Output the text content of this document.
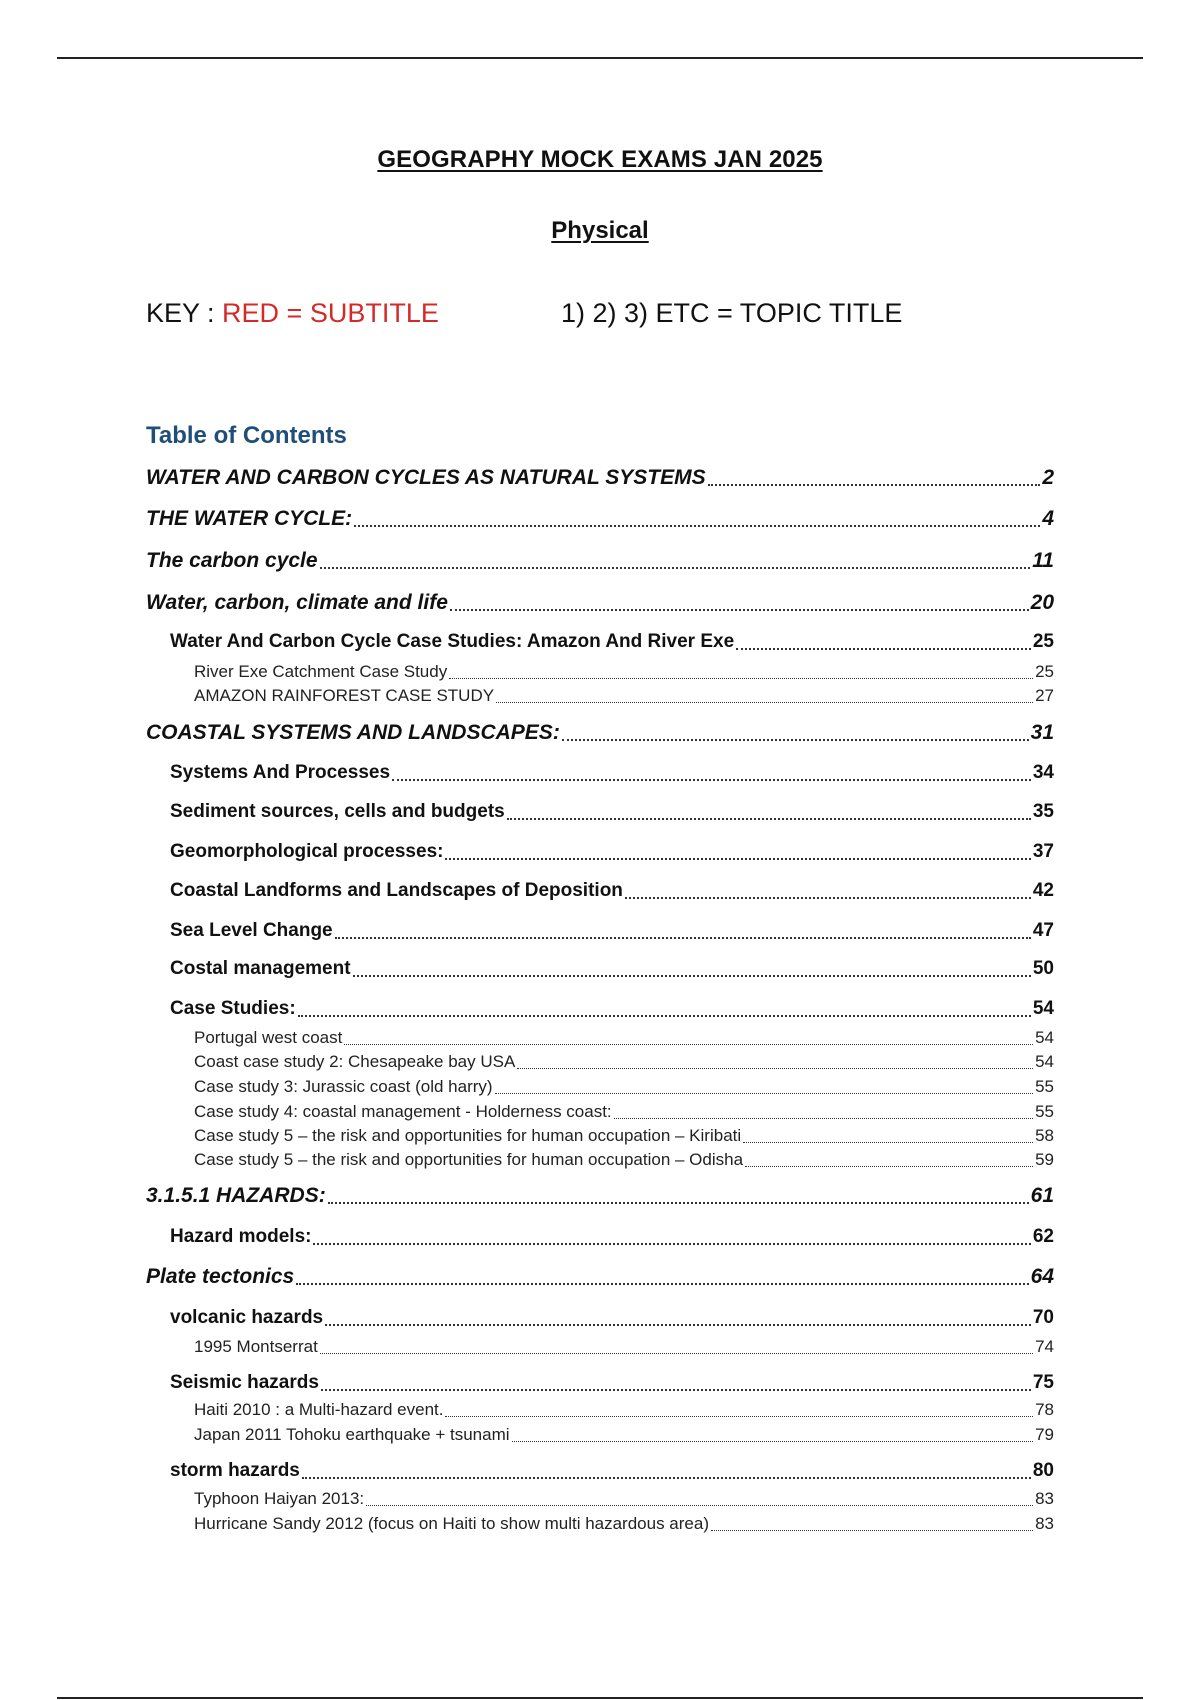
GEOGRAPHY MOCK EXAMS JAN 2025
Physical
KEY : RED = SUBTITLE	1) 2) 3) ETC = TOPIC TITLE
Table of Contents
WATER AND CARBON CYCLES AS NATURAL SYSTEMS	2
THE WATER CYCLE:	4
The carbon cycle	11
Water, carbon, climate and life	20
Water And Carbon Cycle Case Studies: Amazon And River Exe	25
River Exe Catchment Case Study	25
AMAZON RAINFOREST CASE STUDY	27
COASTAL SYSTEMS AND LANDSCAPES:	31
Systems And Processes	34
Sediment sources, cells and budgets	35
Geomorphological processes:	37
Coastal Landforms and Landscapes of Deposition	42
Sea Level Change	47
Costal management	50
Case Studies:	54
Portugal west coast	54
Coast case study 2: Chesapeake bay USA	54
Case study 3: Jurassic coast (old harry)	55
Case study 4: coastal management - Holderness coast:	55
Case study 5 – the risk and opportunities for human occupation – Kiribati	58
Case study 5 – the risk and opportunities for human occupation – Odisha	59
3.1.5.1 HAZARDS:	61
Hazard models:	62
Plate tectonics	64
volcanic hazards	70
1995 Montserrat	74
Seismic hazards	75
Haiti 2010 : a Multi-hazard event.	78
Japan 2011 Tohoku earthquake + tsunami	79
storm hazards	80
Typhoon Haiyan 2013:	83
Hurricane Sandy 2012 (focus on Haiti to show multi hazardous area)	83
